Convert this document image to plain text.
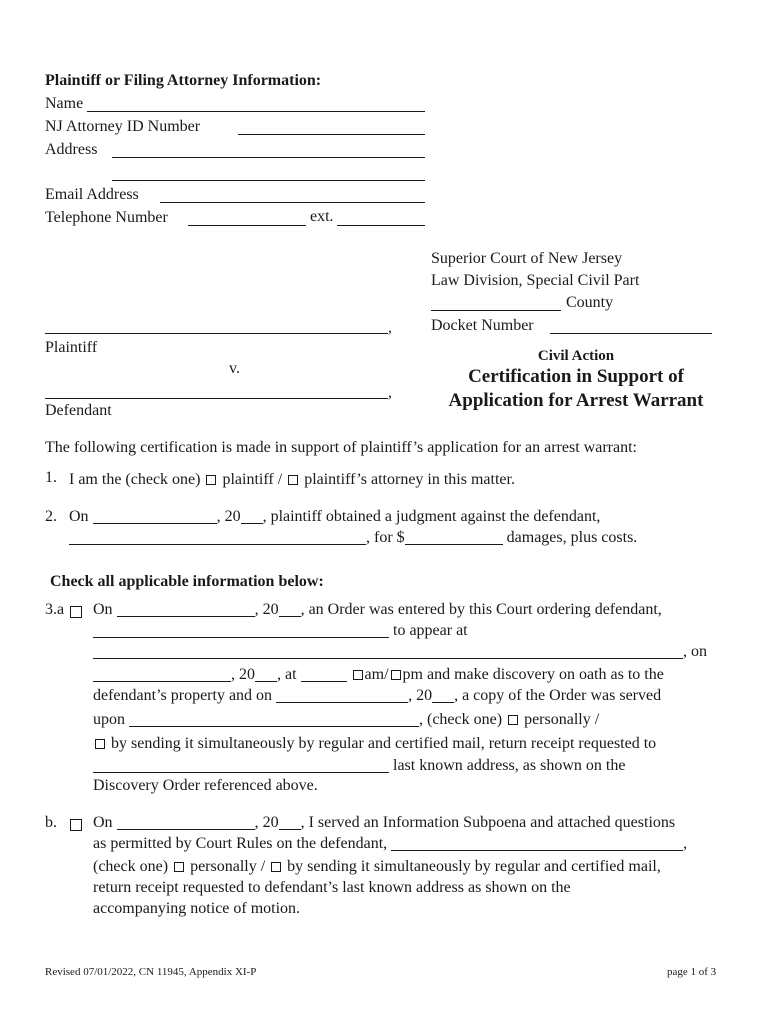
Plaintiff or Filing Attorney Information:
Name
NJ Attorney ID Number
Address
Email Address
Telephone Number	ext.
Superior Court of New Jersey
Law Division, Special Civil Part
County
Docket Number
,
Plaintiff
v.
,
Defendant
Civil Action
Certification in Support of
Application for Arrest Warrant
The following certification is made in support of plaintiff’s application for an arrest warrant:
1. I am the (check one) plaintiff / plaintiff’s attorney in this matter.
2. On	, 20 , plaintiff obtained a judgment against the defendant,
, for $	damages, plus costs.
Check all applicable information below:
3.a On	, 20 , an Order was entered by this Court ordering defendant,
to appear at
, on
, 20 , at	am/ pm and make discovery on oath as to the
defendant’s property and on	, 20 , a copy of the Order was served
upon	, (check one) personally /
by sending it simultaneously by regular and certified mail, return receipt requested to
last known address, as shown on the
Discovery Order referenced above.
b. On	, 20 , I served an Information Subpoena and attached questions
as permitted by Court Rules on the defendant,	,
(check one) personally / by sending it simultaneously by regular and certified mail,
return receipt requested to defendant’s last known address as shown on the
accompanying notice of motion.
Revised 07/01/2022, CN 11945, Appendix XI-P	page 1 of 3
